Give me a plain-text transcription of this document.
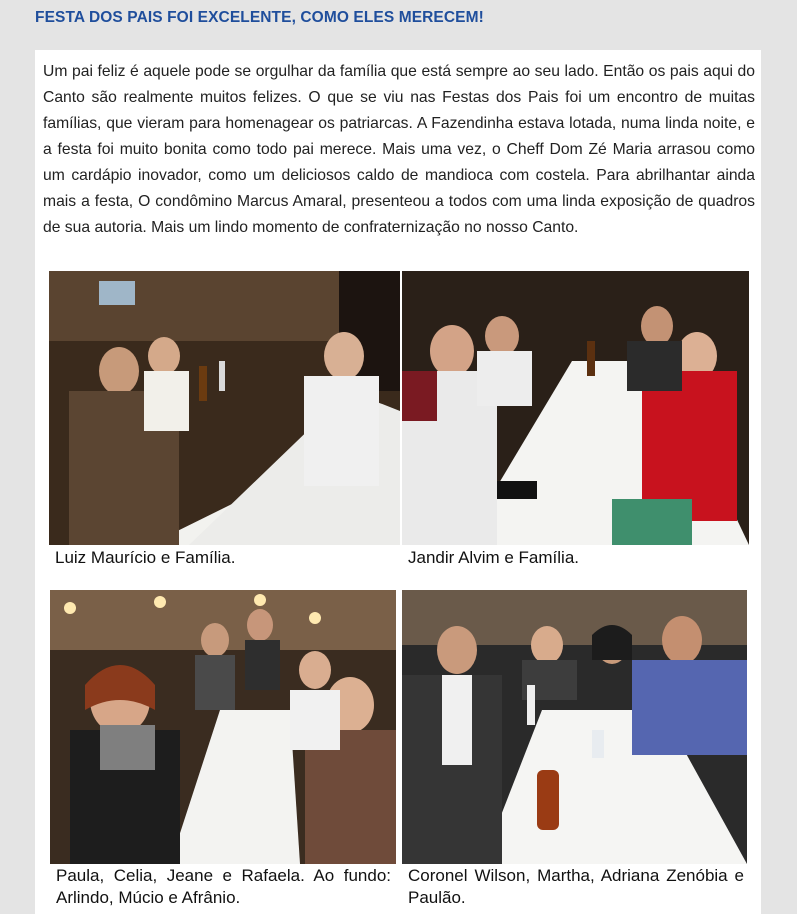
FESTA DOS PAIS FOI EXCELENTE, COMO ELES MERECEM!

Um pai feliz é aquele pode se orgulhar da família que está sempre ao seu lado. Então os pais aqui do Canto são realmente muitos felizes. O que se viu nas Festas dos Pais foi um encontro de muitas famílias, que vieram para homenagear os patriarcas. A Fazendinha estava lotada, numa linda noite, e a festa foi muito bonita como todo pai merece. Mais uma vez, o Cheff Dom Zé Maria arrasou como um cardápio inovador, como um deliciosos caldo de mandioca com costela. Para abrilhantar ainda mais a festa, O condômino Marcus Amaral, presenteou a todos com uma linda exposição de quadros de sua autoria. Mais um lindo momento de confraternização no nosso Canto.

Luiz Maurício e Família.	Jandir Alvim e Família.

Paula, Celia, Jeane e Rafaela. Ao fundo: Arlindo, Múcio e Afrânio.

Coronel Wilson, Martha, Adriana Zenóbia e Paulão.
